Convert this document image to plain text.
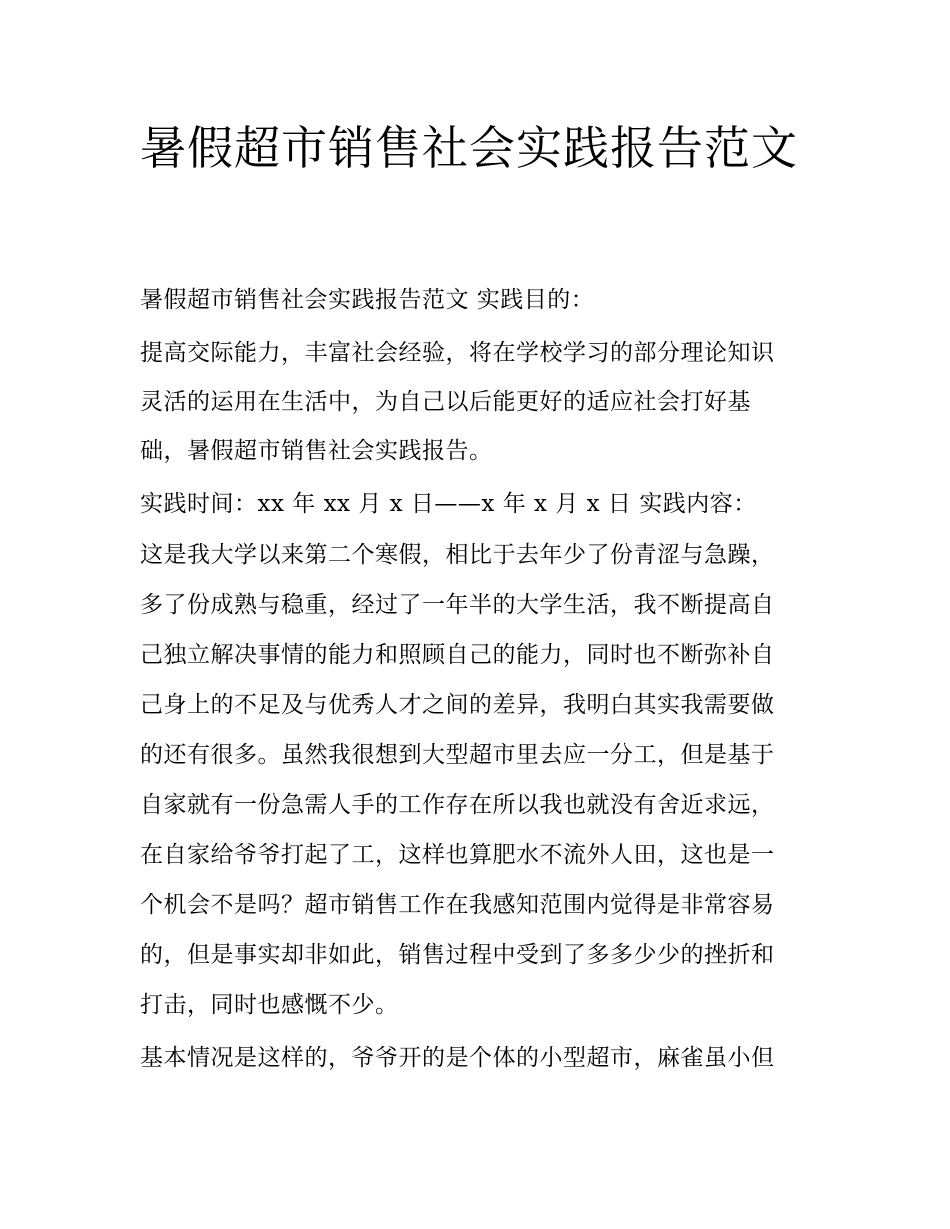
暑假超市销售社会实践报告范文

暑假超市销售社会实践报告范文 实践目的：

提高交际能力，丰富社会经验，将在学校学习的部分理论知识

灵活的运用在生活中，为自己以后能更好的适应社会打好基

础，暑假超市销售社会实践报告。

实践时间：xx 年 xx 月 x 日——x 年 x 月 x 日 实践内容：

这是我大学以来第二个寒假，相比于去年少了份青涩与急躁，

多了份成熟与稳重，经过了一年半的大学生活，我不断提高自

己独立解决事情的能力和照顾自己的能力，同时也不断弥补自

己身上的不足及与优秀人才之间的差异，我明白其实我需要做

的还有很多。虽然我很想到大型超市里去应一分工，但是基于

自家就有一份急需人手的工作存在所以我也就没有舍近求远，

在自家给爷爷打起了工，这样也算肥水不流外人田，这也是一

个机会不是吗？超市销售工作在我感知范围内觉得是非常容易

的，但是事实却非如此，销售过程中受到了多多少少的挫折和

打击，同时也感慨不少。

基本情况是这样的，爷爷开的是个体的小型超市，麻雀虽小但
